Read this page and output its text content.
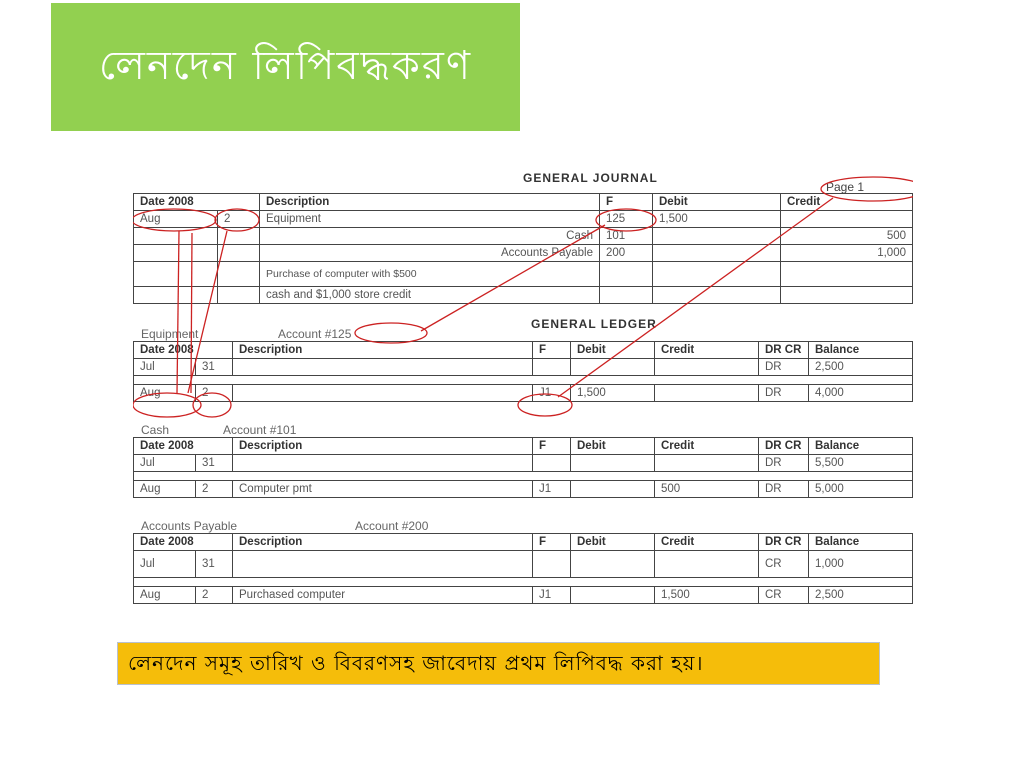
লেনদেন লিপিবদ্ধকরণ
GENERAL JOURNAL
Page 1
Date 2008		Description	F	Debit	Credit
Aug	2	Equipment	125	1,500	
		Cash	101		500
		Accounts Payable	200		1,000
		Purchase of computer with $500			
		cash and $1,000 store credit			
GENERAL LEDGER
Equipment	Account #125
Date 2008		Description	F	Debit	Credit	DR CR	Balance
Jul	31					DR	2,500

Aug	2		J1	1,500		DR	4,000
Cash	Account #101
Date 2008		Description	F	Debit	Credit	DR CR	Balance
Jul	31					DR	5,500

Aug	2	Computer pmt	J1		500	DR	5,000
Accounts Payable	Account #200
Date 2008		Description	F	Debit	Credit	DR CR	Balance
Jul	31					CR	1,000

Aug	2	Purchased computer	J1		1,500	CR	2,500
লেনদেন সমূহ তারিখ ও বিবরণসহ জাবেদায় প্রথম লিপিবদ্ধ করা হয়।
